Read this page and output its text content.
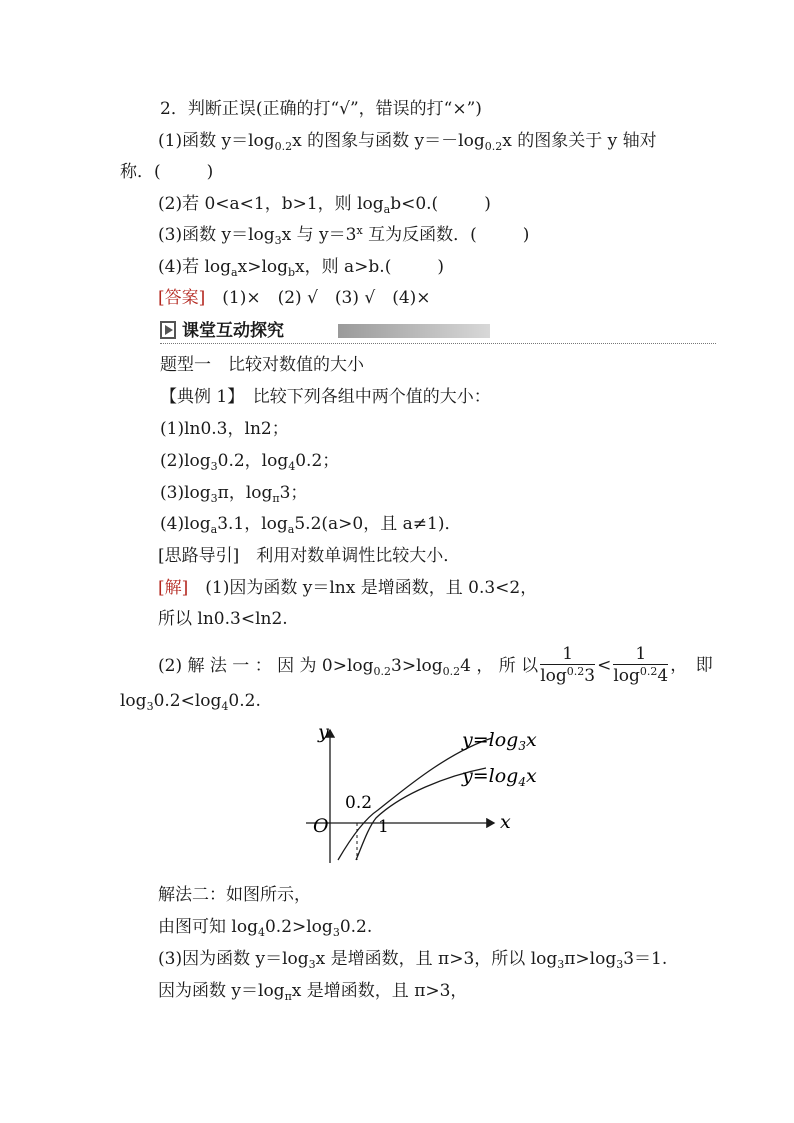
2．判断正误(正确的打“√”，错误的打“×”)
(1)函数 $y=\log_{0.2}x$ 的图象与函数 $y=-\log_{0.2}x$ 的图象关于 y 轴对
称．(	)
(2)若 0<a<1，b>1，则 $\log_ab<0$.(	)
(3)函数 $y=\log_3x$ 与 $y=3^x$ 互为反函数．(	)
(4)若 $\log_ax>\log_bx$，则 a>b.(	)
[答案]　 (1)×　(2) √　(3) √　(4)×
课堂互动探究
题型一　比较对数值的大小
【典例 1】　比较下列各组中两个值的大小：
(1)ln0.3，ln2；
$(2)\log_30.2$，$\log_40.2$；
$(3)\log_3\pi$，$\log_\pi 3$；
$(4)\log_a3.1$，$\log_a5.2(a>0$，且 a≠1)．
[思路导引]　利用对数单调性比较大小．
[解]　(1)因为函数 y＝lnx 是增函数，且 0.3<2，
所以 ln0.3<ln2.
(2) 解 法 一 ： 因 为 $0>\log_{0.2}3>\log_{0.2}4$ ， 所 以 $\frac{1}{\log^{0.2}3} < \frac{1}{\log^{0.2}4}$ ，　即
$\log_30.2<\log_40.2$.
y
x
O
0.2
1
$y=\log_3x$
$y=\log_4x$
解法二：如图所示，
由图可知 $\log_40.2>\log_30.2$.
(3)因为函数 $y=\log_3x$ 是增函数，且 π>3，所以 $\log_3\pi>\log_33=1$.
因为函数 $y=\log_\pi x$ 是增函数，且 π>3，
